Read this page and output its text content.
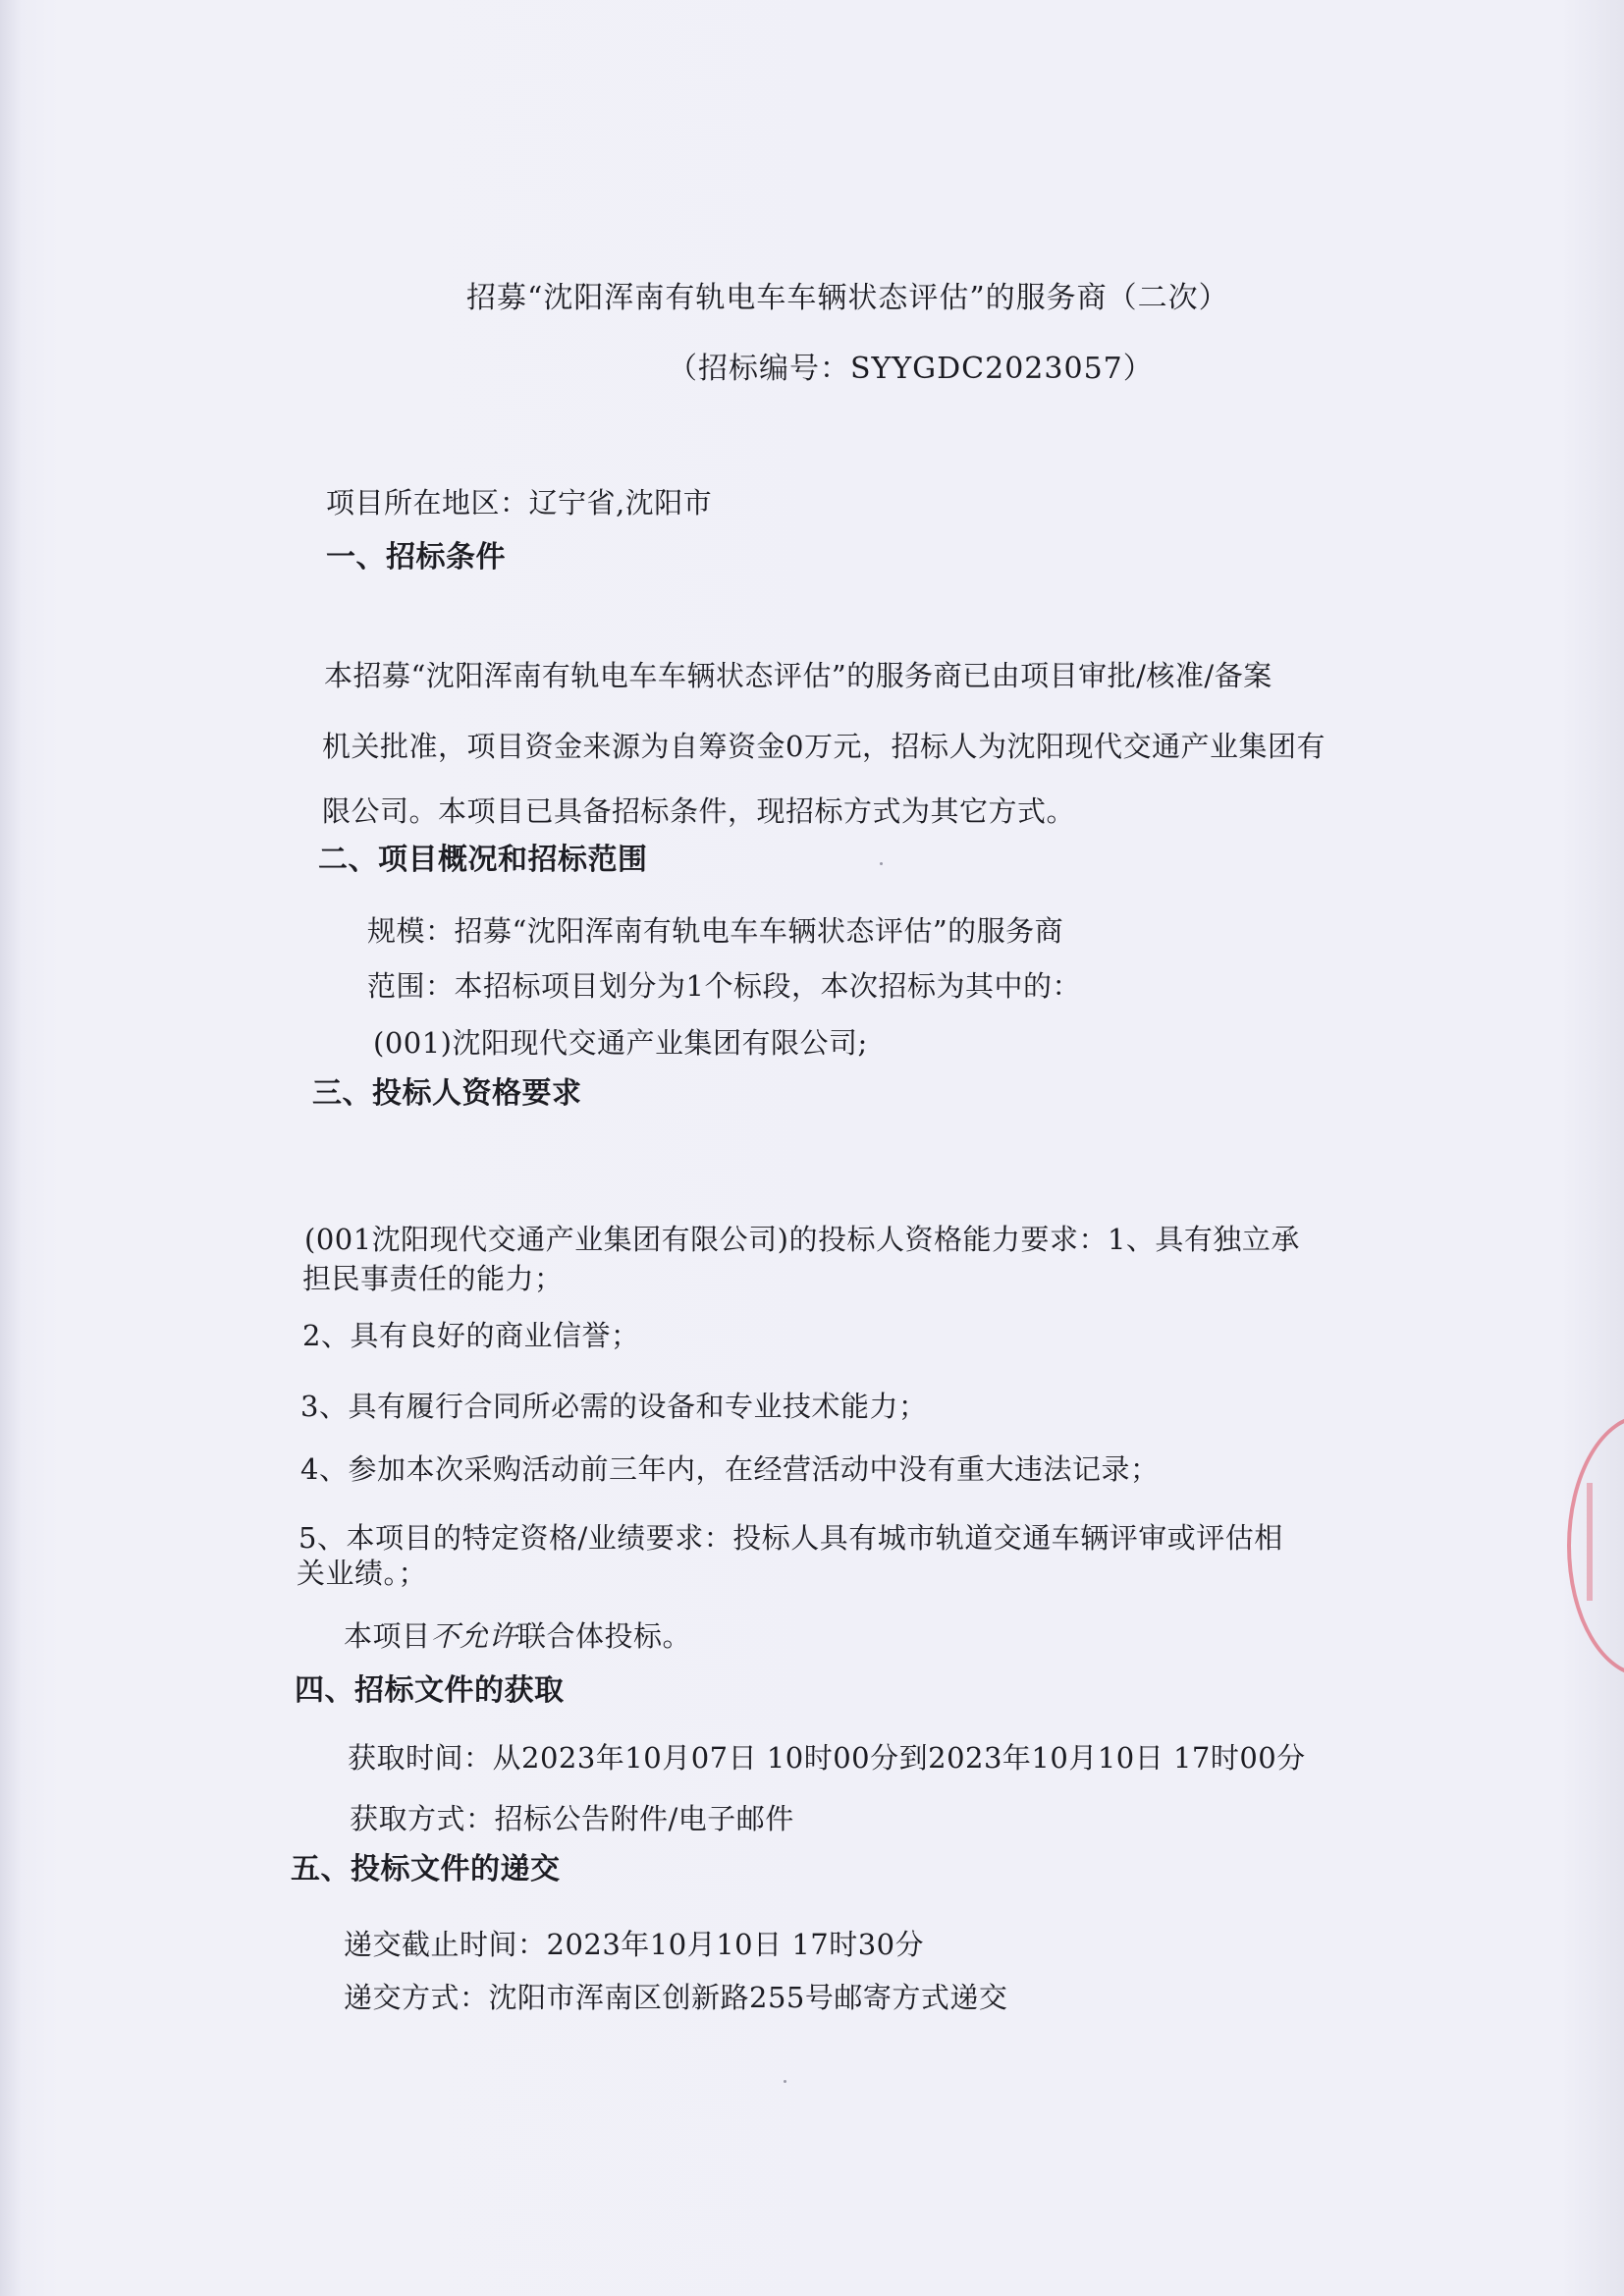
招募“沈阳浑南有轨电车车辆状态评估”的服务商（二次）
（招标编号：SYYGDC2023057）
项目所在地区：辽宁省,沈阳市
一、招标条件
本招募“沈阳浑南有轨电车车辆状态评估”的服务商已由项目审批/核准/备案
机关批准，项目资金来源为自筹资金0万元，招标人为沈阳现代交通产业集团有
限公司。本项目已具备招标条件，现招标方式为其它方式。
二、项目概况和招标范围
规模：招募“沈阳浑南有轨电车车辆状态评估”的服务商
范围：本招标项目划分为1个标段，本次招标为其中的：
(001)沈阳现代交通产业集团有限公司;
三、投标人资格要求
(001沈阳现代交通产业集团有限公司)的投标人资格能力要求：1、具有独立承
担民事责任的能力；
2、具有良好的商业信誉；
3、具有履行合同所必需的设备和专业技术能力；
4、参加本次采购活动前三年内，在经营活动中没有重大违法记录；
5、本项目的特定资格/业绩要求：投标人具有城市轨道交通车辆评审或评估相
关业绩。；
本项目不允许联合体投标。
四、招标文件的获取
获取时间：从2023年10月07日 10时00分到2023年10月10日 17时00分
获取方式：招标公告附件/电子邮件
五、投标文件的递交
递交截止时间：2023年10月10日 17时30分
递交方式：沈阳市浑南区创新路255号邮寄方式递交
